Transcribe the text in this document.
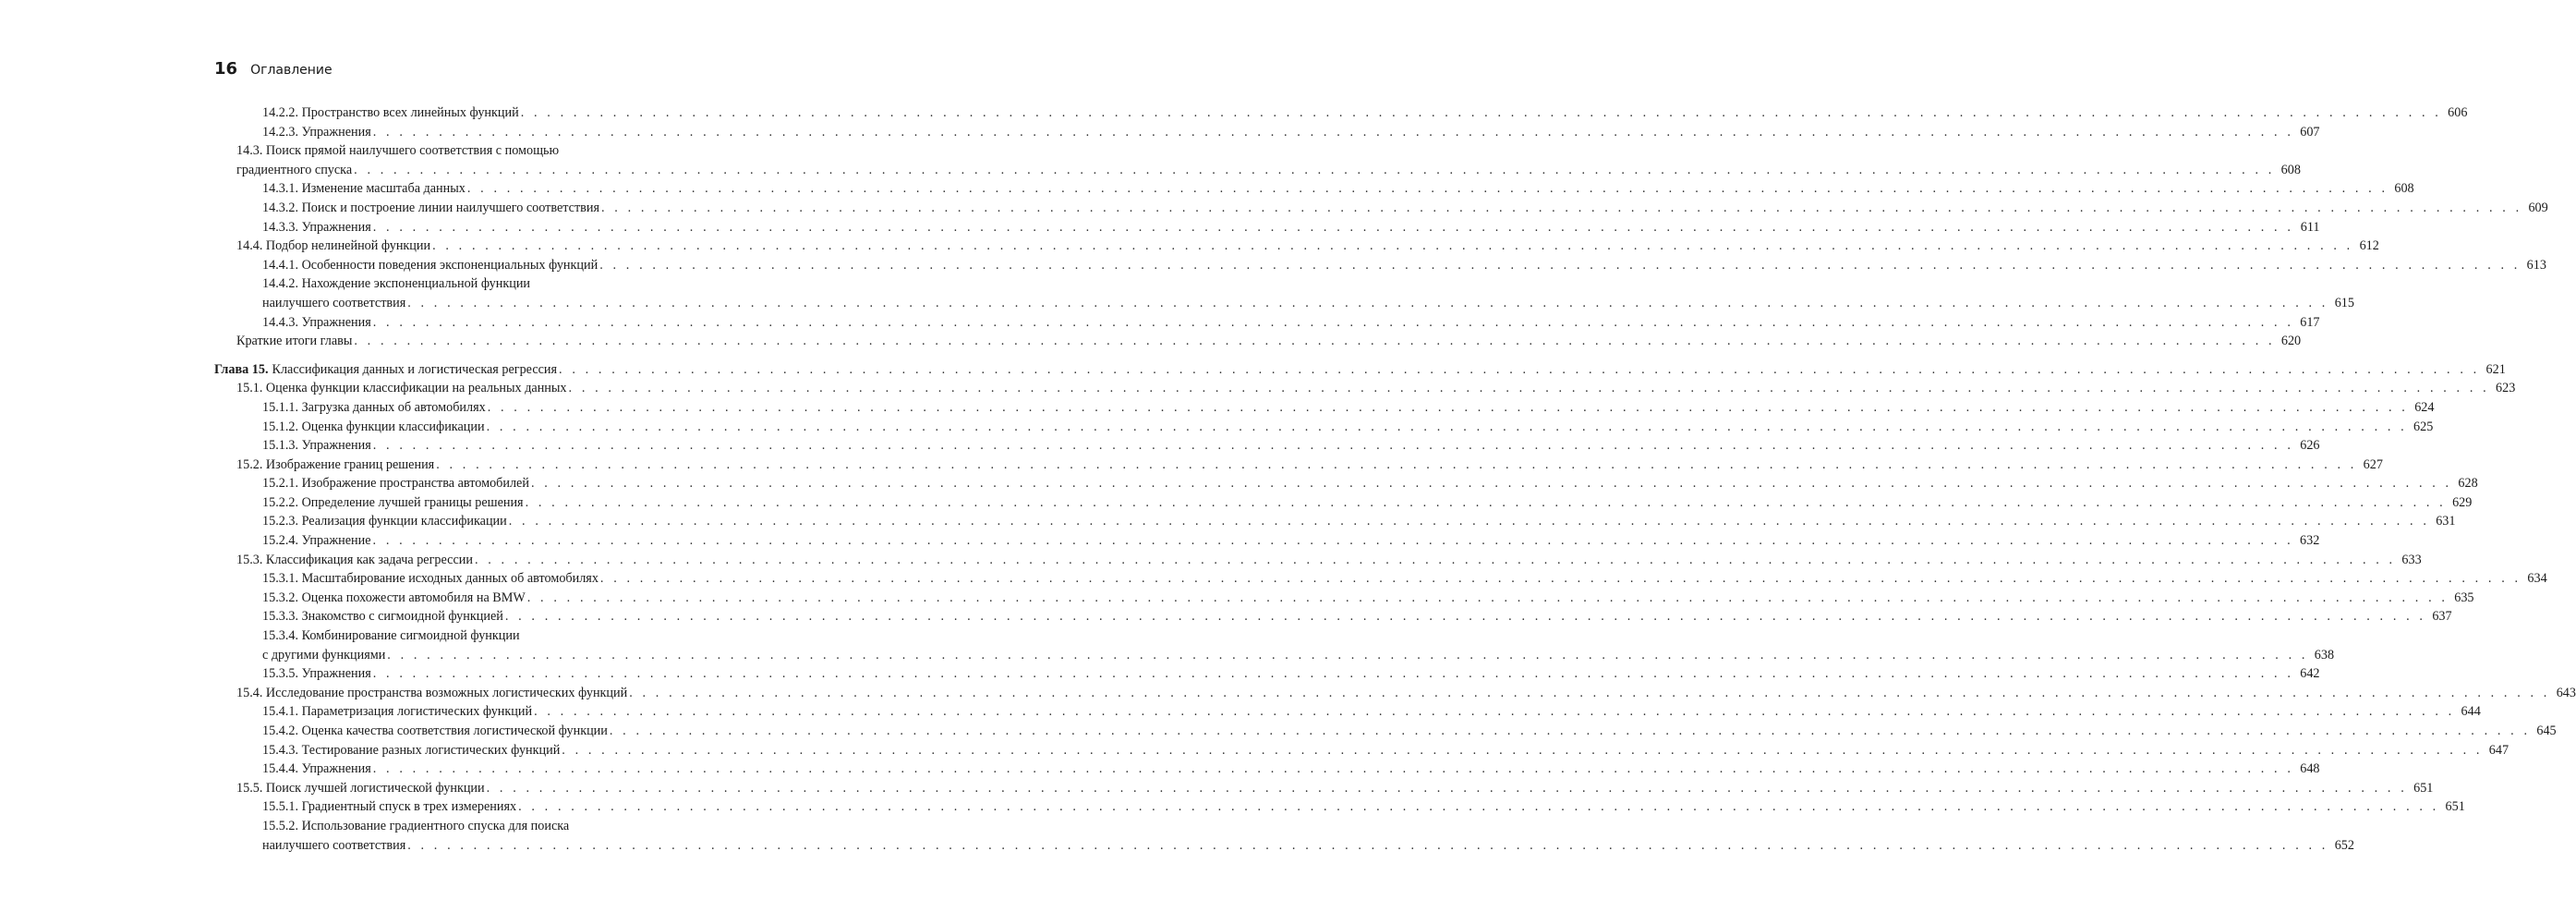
16 Оглавление
14.2.2. Пространство всех линейных функций . . .	606
14.2.3. Упражнения . . .	607
14.3. Поиск прямой наилучшего соответствия с помощью
градиентного спуска . . .	608
14.3.1. Изменение масштаба данных . . .	608
14.3.2. Поиск и построение линии наилучшего соответствия . . .	609
14.3.3. Упражнения . . .	611
14.4. Подбор нелинейной функции . . .	612
14.4.1. Особенности поведения экспоненциальных функций . . .	613
14.4.2. Нахождение экспоненциальной функции
наилучшего соответствия . . .	615
14.4.3. Упражнения . . .	617
Краткие итоги главы . . .	620
Глава 15. Классификация данных и логистическая регрессия . . .	621
15.1. Оценка функции классификации на реальных данных . . .	623
15.1.1. Загрузка данных об автомобилях . . .	624
15.1.2. Оценка функции классификации . . .	625
15.1.3. Упражнения . . .	626
15.2. Изображение границ решения . . .	627
15.2.1. Изображение пространства автомобилей . . .	628
15.2.2. Определение лучшей границы решения . . .	629
15.2.3. Реализация функции классификации . . .	631
15.2.4. Упражнение . . .	632
15.3. Классификация как задача регрессии . . .	633
15.3.1. Масштабирование исходных данных об автомобилях . . .	634
15.3.2. Оценка похожести автомобиля на BMW . . .	635
15.3.3. Знакомство с сигмоидной функцией . . .	637
15.3.4. Комбинирование сигмоидной функции
с другими функциями . . .	638
15.3.5. Упражнения . . .	642
15.4. Исследование пространства возможных логистических функций . . .	643
15.4.1. Параметризация логистических функций . . .	644
15.4.2. Оценка качества соответствия логистической функции . . .	645
15.4.3. Тестирование разных логистических функций . . .	647
15.4.4. Упражнения . . .	648
15.5. Поиск лучшей логистической функции . . .	651
15.5.1. Градиентный спуск в трех измерениях . . .	651
15.5.2. Использование градиентного спуска для поиска
наилучшего соответствия . . .	652
